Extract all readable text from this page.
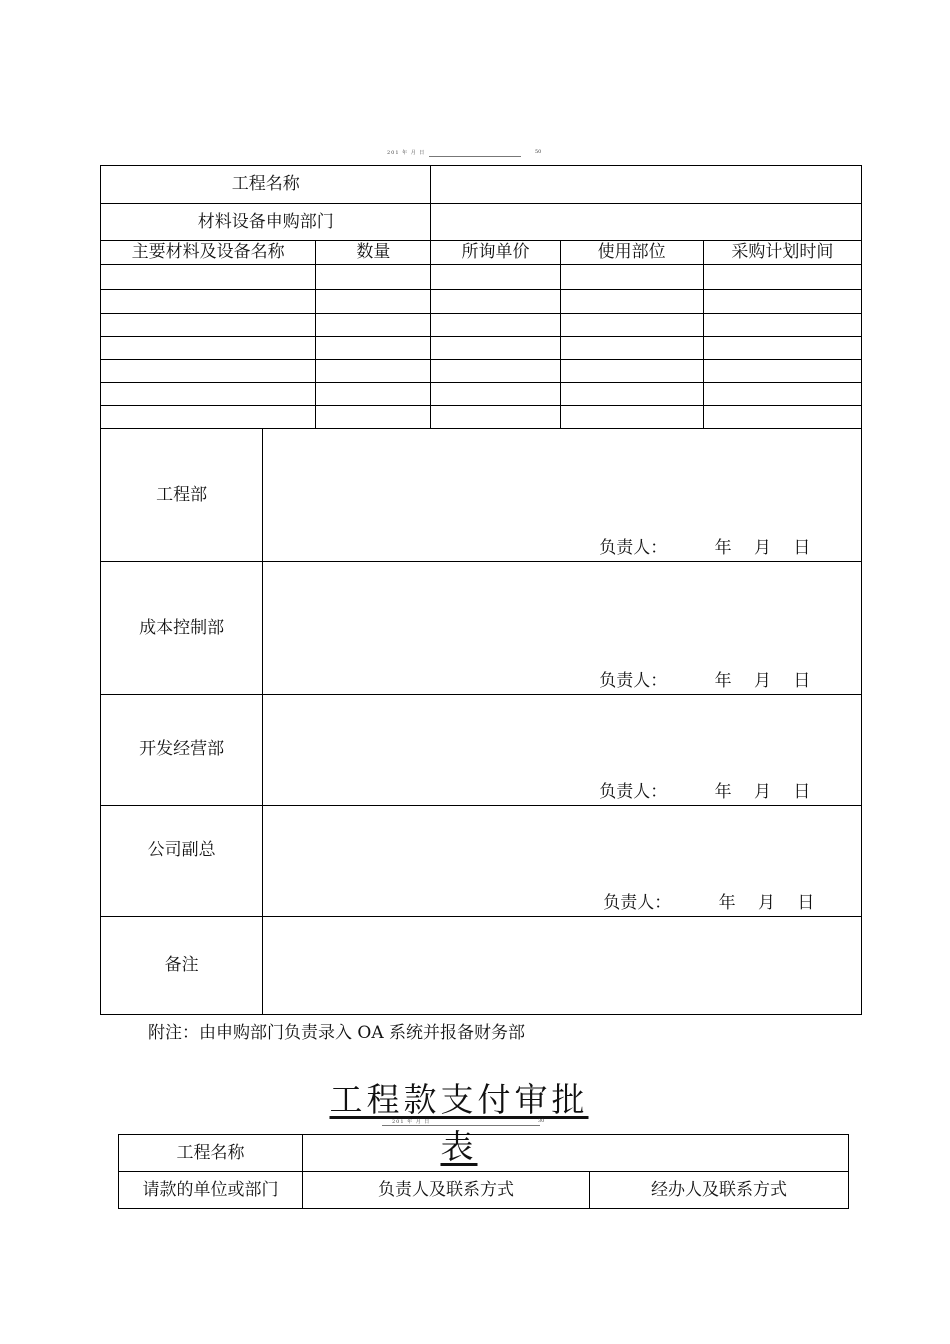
201 年 月 日	50
工程名称					
材料设备申购部门					
主要材料及设备名称		数量	所询单价	使用部位	采购计划时间

工程部	负责人： 年 月 日				

成本控制部	负责人： 年 月 日				

开发经营部	负责人： 年 月 日				

公司副总	负责人： 年 月 日				

备注					
附注：由申购部门负责录入 OA 系统并报备财务部
工程款支付审批表
201 年 月 日	30
工程名称		
请款的单位或部门	负责人及联系方式	经办人及联系方式
